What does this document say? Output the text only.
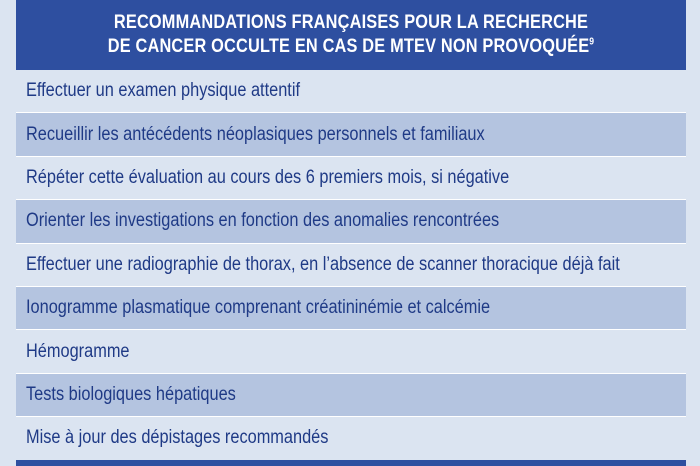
RECOMMANDATIONS FRANÇAISES POUR LA RECHERCHE
DE CANCER OCCULTE EN CAS DE MTEV NON PROVOQUÉE$^9$
Effectuer un examen physique attentif
Recueillir les antécédents néoplasiques personnels et familiaux
Répéter cette évaluation au cours des 6 premiers mois, si négative
Orienter les investigations en fonction des anomalies rencontrées
Effectuer une radiographie de thorax, en l’absence de scanner thoracique déjà fait
Ionogramme plasmatique comprenant créatininémie et calcémie
Hémogramme
Tests biologiques hépatiques
Mise à jour des dépistages recommandés
